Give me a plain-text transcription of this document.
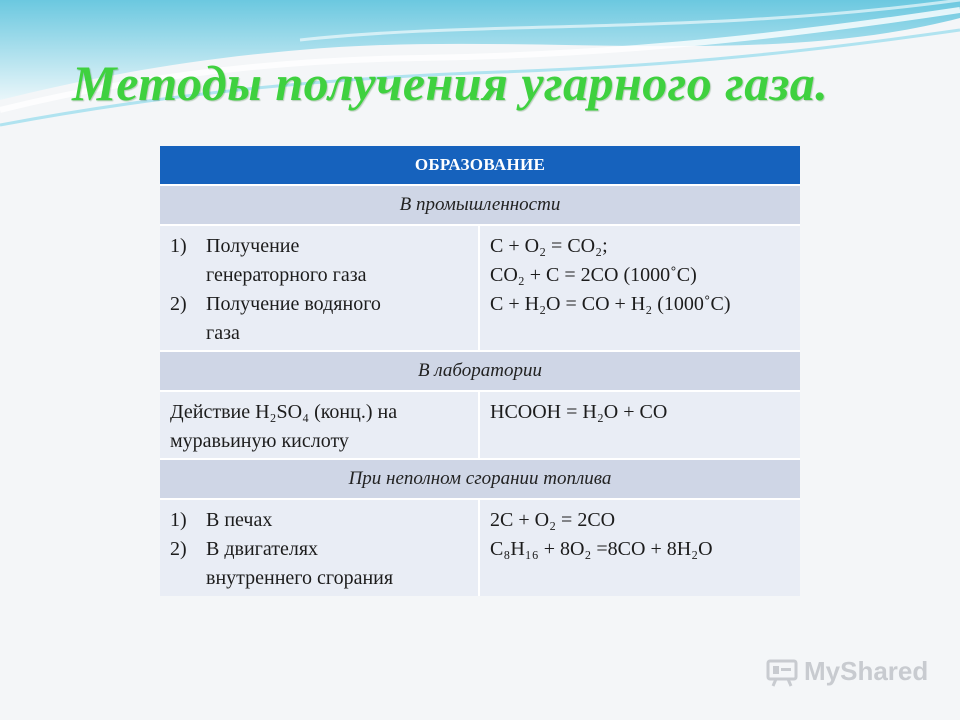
Методы получения угарного газа.
ОБРАЗОВАНИЕ
В промышленности
1) Получение
генераторного газа
2) Получение водяного
газа
C + O₂ = CO₂;
CO₂ + C = 2CO (1000˚C)
C + H₂O = CO + H₂ (1000˚C)
В лаборатории
Действие H₂SO₄ (конц.) на
муравьиную кислоту
HCOOH = H₂O + CO
При неполном сгорании топлива
1) В печах
2) В двигателях
внутреннего сгорания
2C + O₂ = 2CO
C₈H₁₆ + 8O₂ =8CO + 8H₂O
MyShared
